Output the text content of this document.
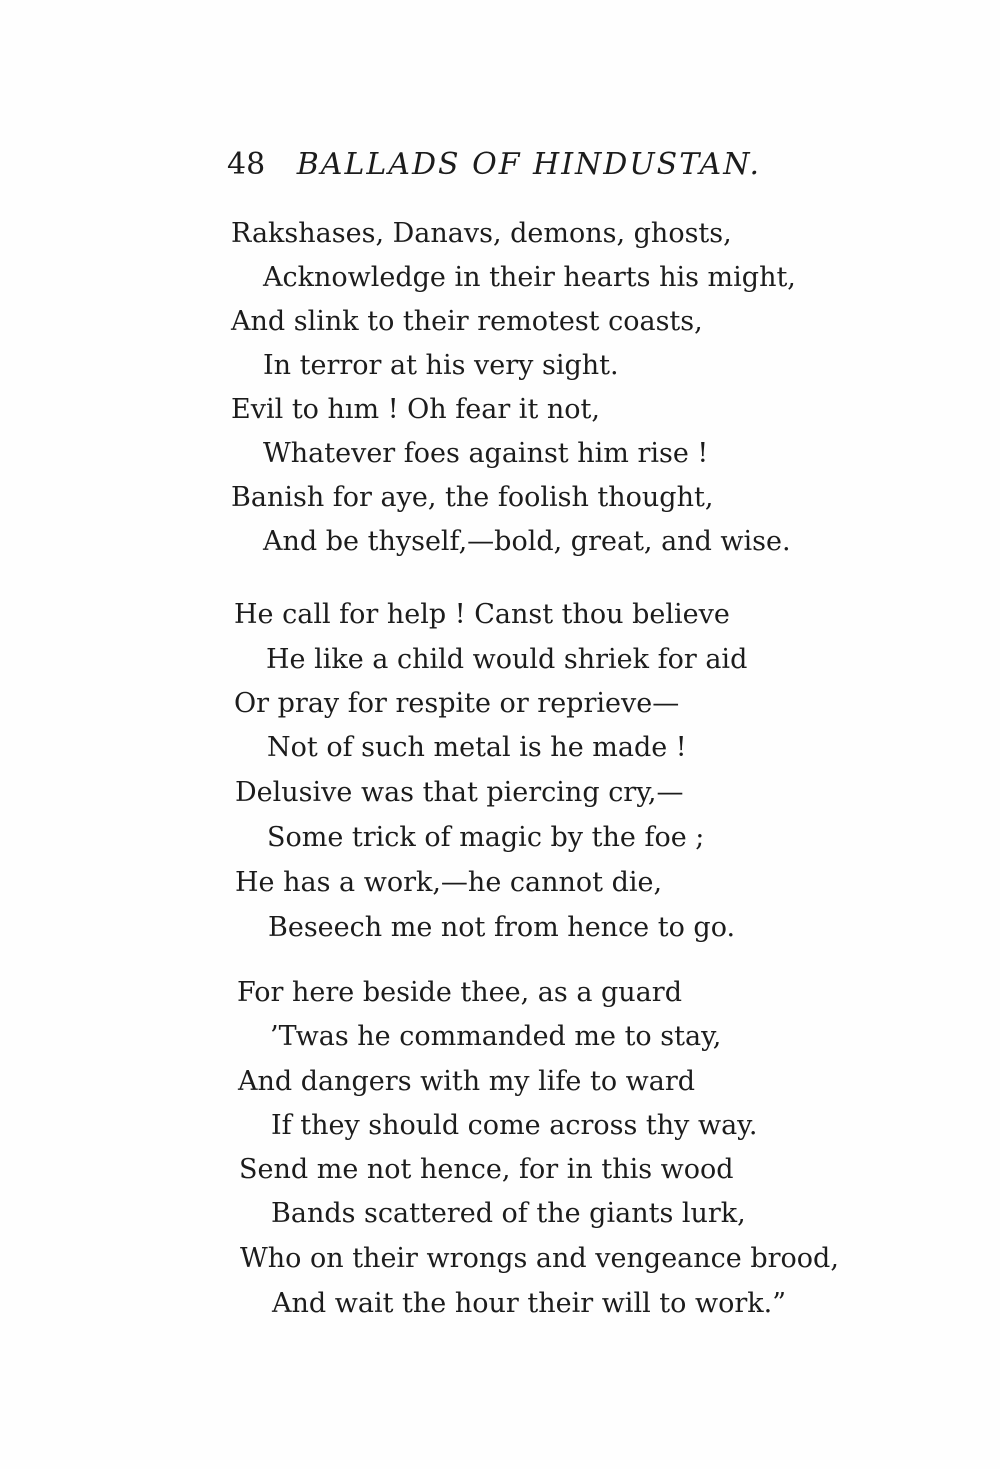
48 BALLADS OF HINDUSTAN.
Rakshases, Danavs, demons, ghosts,
Acknowledge in their hearts his might,
And slink to their remotest coasts,
In terror at his very sight.
Evil to hım ! Oh fear it not,
Whatever foes against him rise !
Banish for aye, the foolish thought,
And be thyself,—bold, great, and wise.
He call for help ! Canst thou believe
He like a child would shriek for aid
Or pray for respite or reprieve—
Not of such metal is he made !
Delusive was that piercing cry,—
Some trick of magic by the foe ;
He has a work,—he cannot die,
Beseech me not from hence to go.
For here beside thee, as a guard
’Twas he commanded me to stay,
And dangers with my life to ward
If they should come across thy way.
Send me not hence, for in this wood
Bands scattered of the giants lurk,
Who on their wrongs and vengeance brood,
And wait the hour their will to work.”
